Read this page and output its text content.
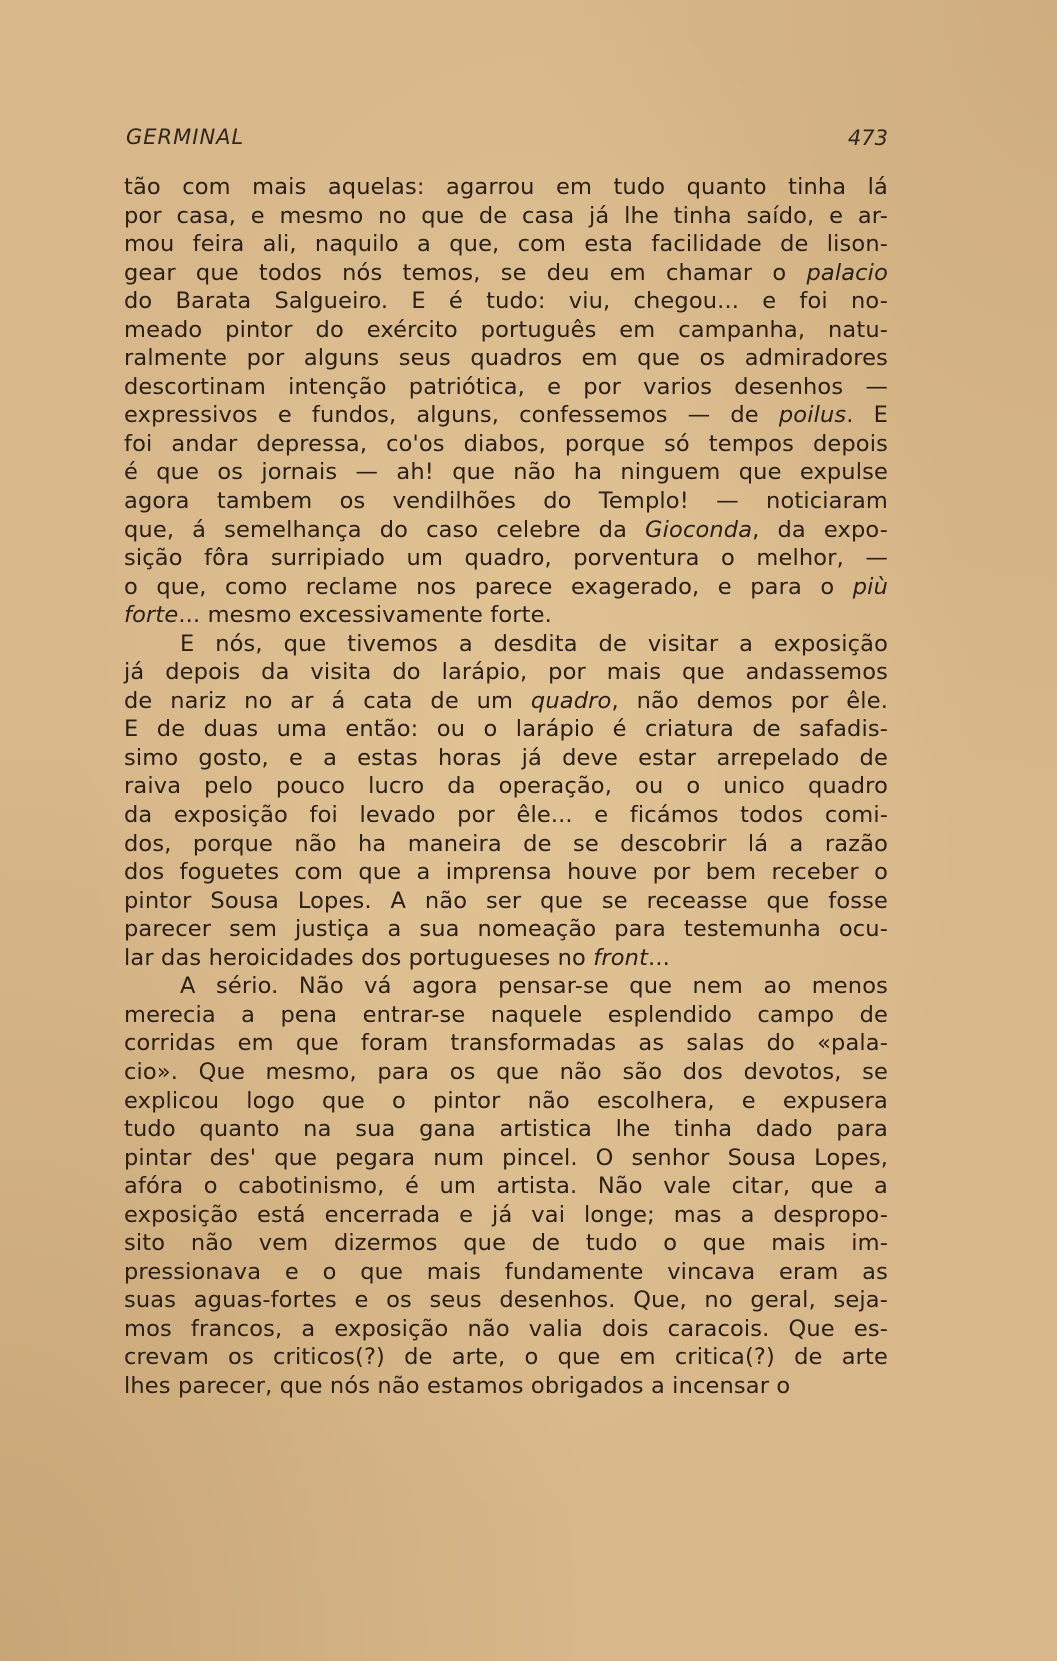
GERMINAL	473
tão com mais aquelas: agarrou em tudo quanto tinha lá
por casa, e mesmo no que de casa já lhe tinha saído, e ar-
mou feira ali, naquilo a que, com esta facilidade de lison-
gear que todos nós temos, se deu em chamar o palacio
do Barata Salgueiro. E é tudo: viu, chegou... e foi no-
meado pintor do exército português em campanha, natu-
ralmente por alguns seus quadros em que os admiradores
descortinam intenção patriótica, e por varios desenhos —
expressivos e fundos, alguns, confessemos — de poilus. E
foi andar depressa, co'os diabos, porque só tempos depois
é que os jornais — ah! que não ha ninguem que expulse
agora tambem os vendilhões do Templo! — noticiaram
que, á semelhança do caso celebre da Gioconda, da expo-
sição fôra surripiado um quadro, porventura o melhor, —
o que, como reclame nos parece exagerado, e para o più
forte... mesmo excessivamente forte.
E nós, que tivemos a desdita de visitar a exposição
já depois da visita do larápio, por mais que andassemos
de nariz no ar á cata de um quadro, não demos por êle.
E de duas uma então: ou o larápio é criatura de safadis-
simo gosto, e a estas horas já deve estar arrepelado de
raiva pelo pouco lucro da operação, ou o unico quadro
da exposição foi levado por êle... e ficámos todos comi-
dos, porque não ha maneira de se descobrir lá a razão
dos foguetes com que a imprensa houve por bem receber o
pintor Sousa Lopes. A não ser que se receasse que fosse
parecer sem justiça a sua nomeação para testemunha ocu-
lar das heroicidades dos portugueses no front...
A sério. Não vá agora pensar-se que nem ao menos
merecia a pena entrar-se naquele esplendido campo de
corridas em que foram transformadas as salas do «pala-
cio». Que mesmo, para os que não são dos devotos, se
explicou logo que o pintor não escolhera, e expusera
tudo quanto na sua gana artistica lhe tinha dado para
pintar des' que pegara num pincel. O senhor Sousa Lopes,
afóra o cabotinismo, é um artista. Não vale citar, que a
exposição está encerrada e já vai longe; mas a despropo-
sito não vem dizermos que de tudo o que mais im-
pressionava e o que mais fundamente vincava eram as
suas aguas-fortes e os seus desenhos. Que, no geral, seja-
mos francos, a exposição não valia dois caracois. Que es-
crevam os criticos(?) de arte, o que em critica(?) de arte
lhes parecer, que nós não estamos obrigados a incensar o
